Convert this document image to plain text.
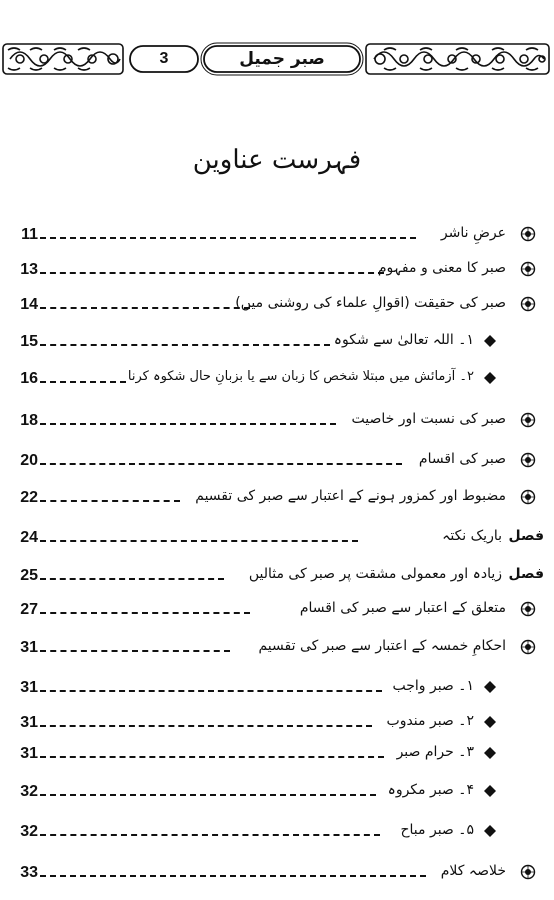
3	صبر جمیل
فہرست عناوین
11	عرضِ ناشر
13	صبر کا معنی و مفہوم
14	صبر کی حقیقت (اقوالِ علماء کی روشنی میں)
15	۱۔ اللہ تعالیٰ سے شکوہ
16	۲۔ آزمائش میں مبتلا شخص کا زبان سے یا بزبانِ حال شکوہ کرنا
18	صبر کی نسبت اور خاصیت
20	صبر کی اقسام
22	مضبوط اور کمزور ہونے کے اعتبار سے صبر کی تقسیم
24	باریک نکتہ فصل
25	زیادہ اور معمولی مشقت پر صبر کی مثالیں فصل
27	متعلق کے اعتبار سے صبر کی اقسام
31	احکامِ خمسہ کے اعتبار سے صبر کی تقسیم
31	۱۔ صبر واجب
31	۲۔ صبر مندوب
31	۳۔ حرام صبر
32	۴۔ صبر مکروہ
32	۵۔ صبر مباح
33	خلاصہ کلام
